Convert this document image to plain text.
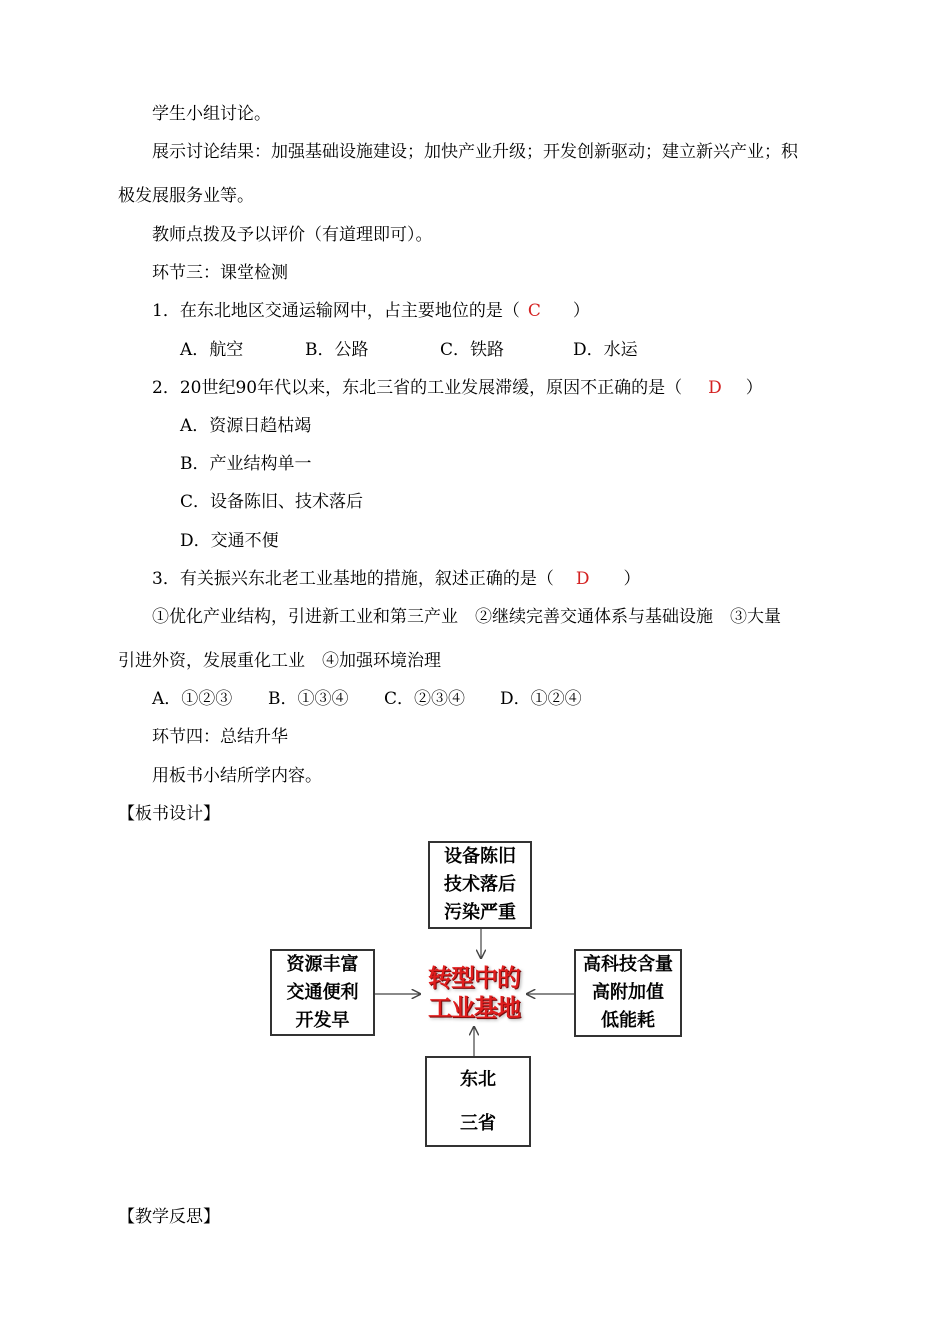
学生小组讨论。
展示讨论结果：加强基础设施建设；加快产业升级；开发创新驱动；建立新兴产业；积
极发展服务业等。
教师点拨及予以评价（有道理即可）。
环节三：课堂检测
1．在东北地区交通运输网中，占主要地位的是（ C ）
A．航空	B．公路	C．铁路	D．水运
2．20世纪90年代以来，东北三省的工业发展滞缓，原因不正确的是（ D ）
A．资源日趋枯竭
B．产业结构单一
C．设备陈旧、技术落后
D．交通不便
3．有关振兴东北老工业基地的措施，叙述正确的是（ D ）
①优化产业结构，引进新工业和第三产业　②继续完善交通体系与基础设施　③大量
引进外资，发展重化工业　④加强环境治理
A．①②③ B．①③④ C．②③④ D．①②④
环节四：总结升华
用板书小结所学内容。
【板书设计】
设备陈旧
技术落后
污染严重
资源丰富
交通便利
开发早
高科技含量
高附加值
低能耗
东北
三省
转型中的
工业基地
【教学反思】
